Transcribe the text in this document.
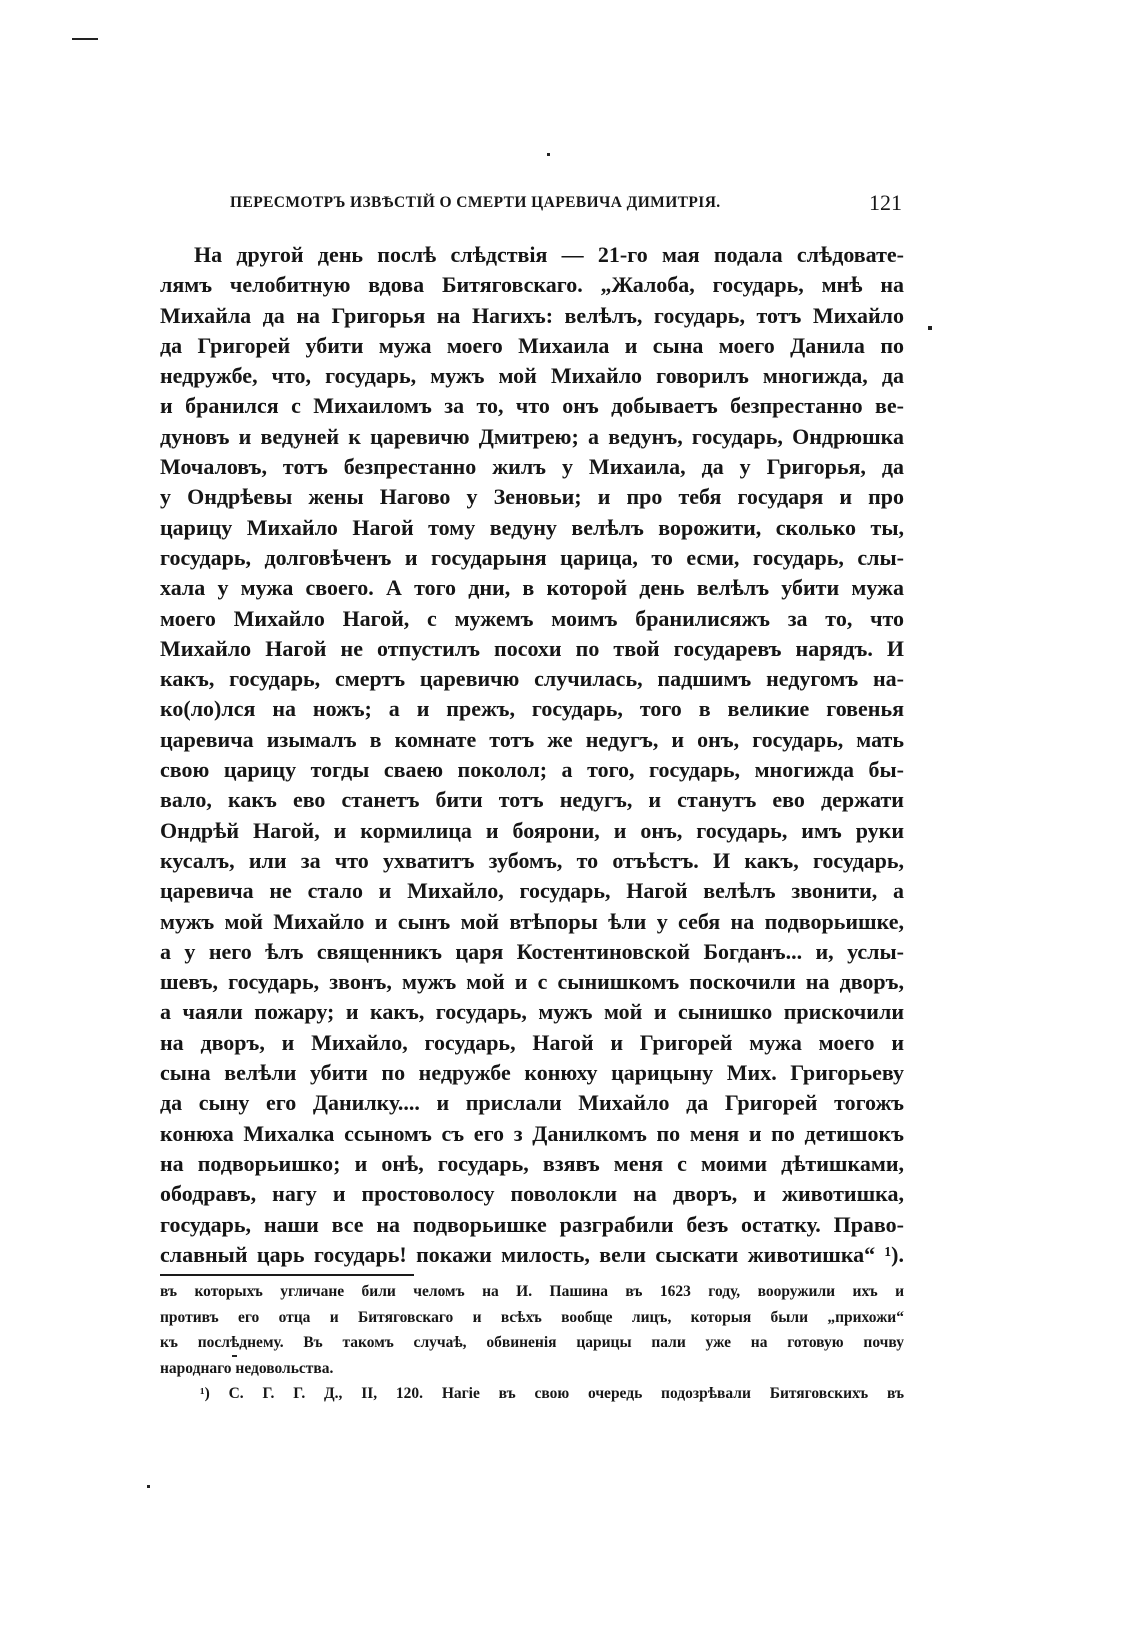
ПЕРЕСМОТРЪ ИЗВѢСТІЙ О СМЕРТИ ЦАРЕВИЧА ДИМИТРІЯ.	121
На другой день послѣ слѣдствія — 21-го мая подала слѣдовате-
лямъ челобитную вдова Битяговскаго. „Жалоба, государь, мнѣ на
Михайла да на Григорья на Нагихъ: велѣлъ, государь, тотъ Михайло
да Григорей убити мужа моего Михаила и сына моего Данила по
недружбе, что, государь, мужъ мой Михайло говорилъ многижда, да
и бранился с Михаиломъ за то, что онъ добываетъ безпрестанно ве-
дуновъ и ведуней к царевичю Дмитрею; а ведунъ, государь, Ондрюшка
Мочаловъ, тотъ безпрестанно жилъ у Михаила, да у Григорья, да
у Ондрѣевы жены Нагово у Зеновьи; и про тебя государя и про
царицу Михайло Нагой тому ведуну велѣлъ ворожити, сколько ты,
государь, долговѣченъ и государыня царица, то есми, государь, слы-
хала у мужа своего. А того дни, в которой день велѣлъ убити мужа
моего Михайло Нагой, с мужемъ моимъ бранилисяжъ за то, что
Михайло Нагой не отпустилъ посохи по твой государевъ нарядъ. И
какъ, государь, смертъ царевичю случилась, падшимъ недугомъ на-
ко(ло)лся на ножъ; а и прежъ, государь, того в великие говенья
царевича изымалъ в комнате тотъ же недугъ, и онъ, государь, мать
свою царицу тогды сваею поколол; а того, государь, многижда бы-
вало, какъ ево станетъ бити тотъ недугъ, и станутъ ево держати
Ондрѣй Нагой, и кормилица и боярони, и онъ, государь, имъ руки
кусалъ, или за что ухватитъ зубомъ, то отъѣстъ. И какъ, государь,
царевича не стало и Михайло, государь, Нагой велѣлъ звонити, а
мужъ мой Михайло и сынъ мой втѣпоры ѣли у себя на подворьишке,
а у него ѣлъ священникъ царя Костентиновской Богданъ... и, услы-
шевъ, государь, звонъ, мужъ мой и с сынишкомъ поскочили на дворъ,
а чаяли пожару; и какъ, государь, мужъ мой и сынишко прискочили
на дворъ, и Михайло, государь, Нагой и Григорей мужа моего и
сына велѣли убити по недружбе конюху царицыну Мих. Григорьеву
да сыну его Данилку.... и прислали Михайло да Григорей тогожъ
конюха Михалка ссыномъ съ его з Данилкомъ по меня и по детишокъ
на подворьишко; и онѣ, государь, взявъ меня с моими дѣтишками,
ободравъ, нагу и простоволосу поволокли на дворъ, и животишка,
государь, наши все на подворьишке разграбили безъ остатку. Право-
славный царь государь! покажи милость, вели сыскати животишка“ ¹).
въ которыхъ угличане били челомъ на И. Пашина въ 1623 году, вооружили ихъ и
противъ его отца и Битяговскаго и всѣхъ вообще лицъ, которыя были „прихожи“
къ послѣднему. Въ такомъ случаѣ, обвиненія царицы пали уже на готовую почву
народнаго недовольства.
¹) С. Г. Г. Д., II, 120. Нагіе въ свою очередь подозрѣвали Битяговскихъ въ
